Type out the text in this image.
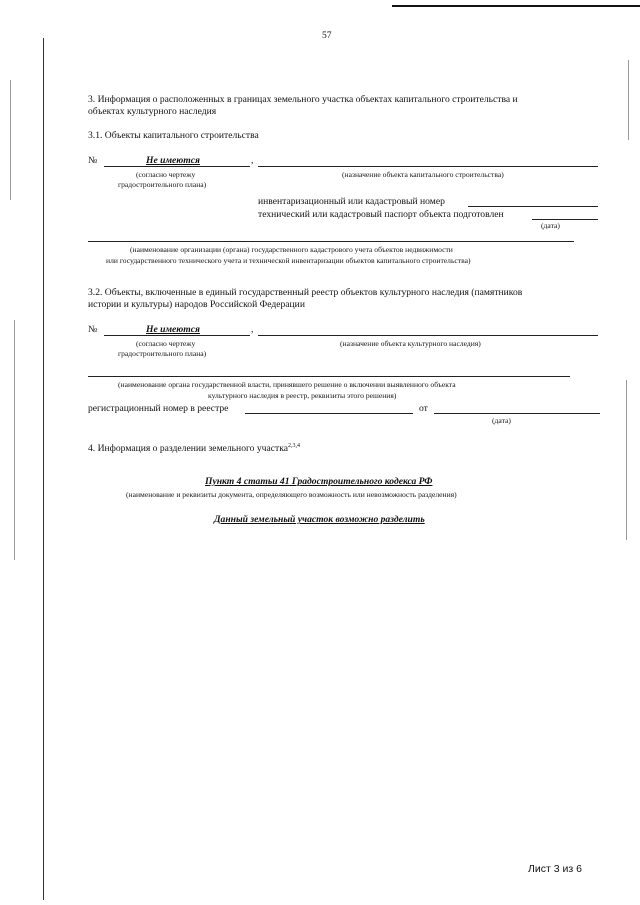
57
3. Информация о расположенных в границах земельного участка объектах капитального строительства и
объектах культурного наследия
3.1. Объекты капитального строительства
№	Не имеются	,
(согласно чертежу
градостроительного плана)
(назначение объекта капитального строительства)
инвентаризационный или кадастровый номер
технический или кадастровый паспорт объекта подготовлен
(дата)
(наименование организации (органа) государственного кадастрового учета объектов недвижимости
или государственного технического учета и технической инвентаризации объектов капитального строительства)
3.2. Объекты, включенные в единый государственный реестр объектов культурного наследия (памятников
истории и культуры) народов Российской Федерации
№	Не имеются	,
(согласно чертежу
градостроительного плана)
(назначение объекта культурного наследия)
(наименование органа государственной власти, принявшего решение о включении выявленного объекта
культурного наследия в реестр, реквизиты этого решения)
регистрационный номер в реестре	от
(дата)
4. Информация о разделении земельного участка$^{2,3,4}$
Пункт 4 статьи 41 Градостроительного кодекса РФ
(наименование и реквизиты документа, определяющего возможность или невозможность разделения)
Данный земельный участок возможно разделить
Лист 3 из 6
